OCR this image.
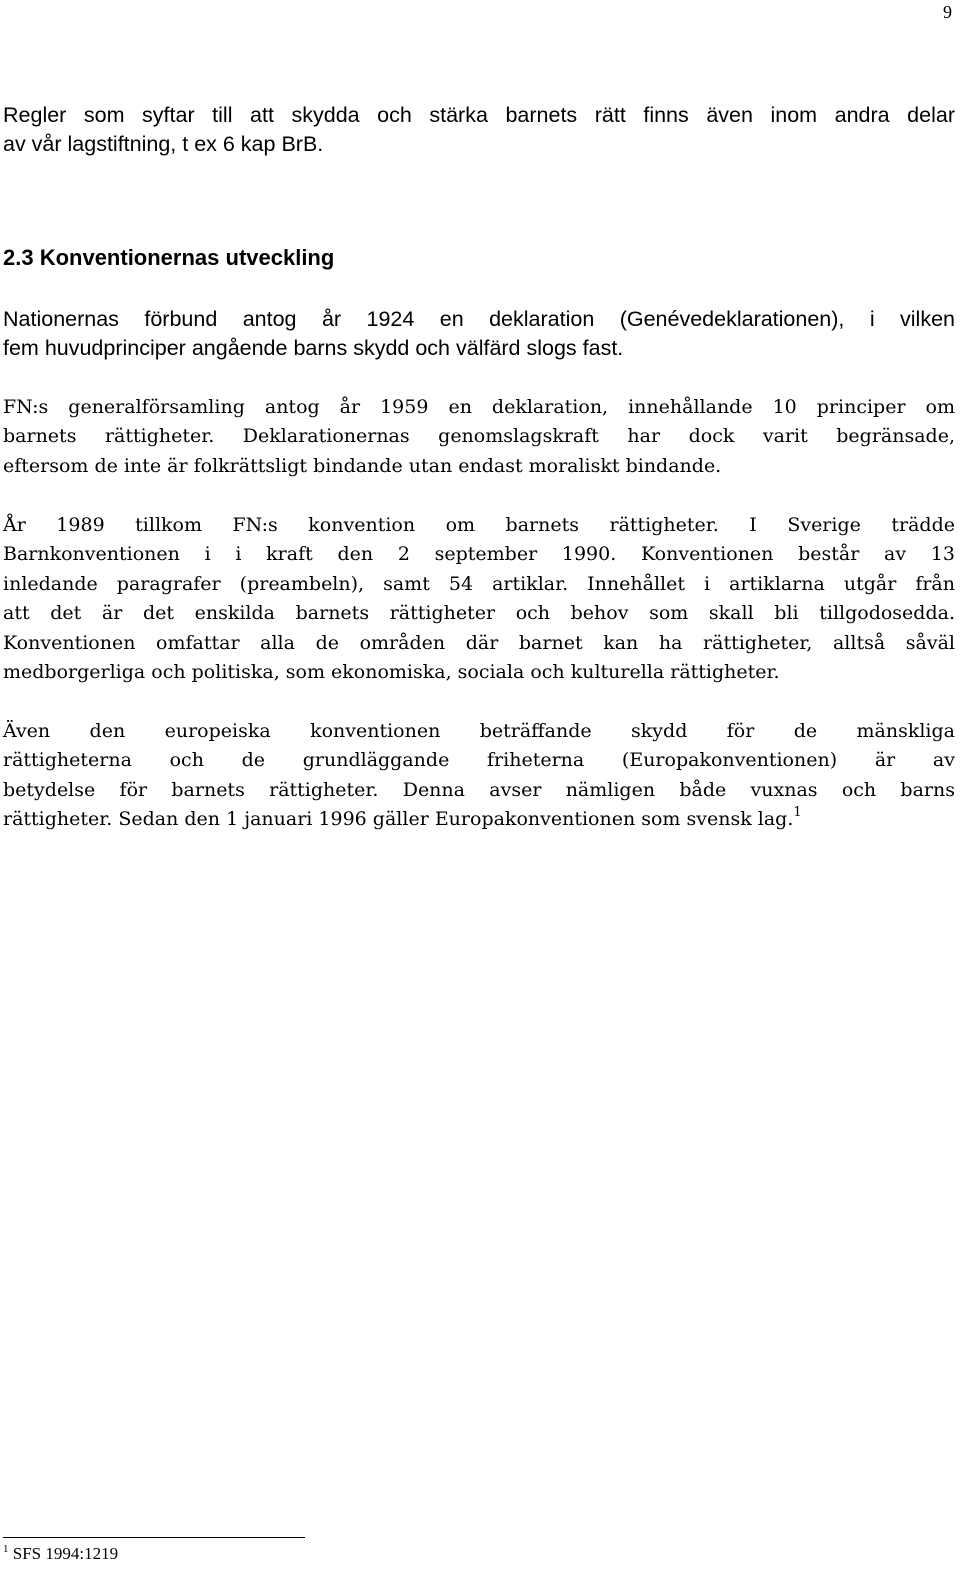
9
Regler som syftar till att skydda och stärka barnets rätt finns även inom andra delar
av vår lagstiftning, t ex 6 kap BrB.
2.3 Konventionernas utveckling
Nationernas förbund antog år 1924 en deklaration (Genévedeklarationen), i vilken
fem huvudprinciper angående barns skydd och välfärd slogs fast.
FN:s generalförsamling antog år 1959 en deklaration, innehållande 10 principer om
barnets rättigheter. Deklarationernas genomslagskraft har dock varit begränsade,
eftersom de inte är folkrättsligt bindande utan endast moraliskt bindande.
År 1989 tillkom FN:s konvention om barnets rättigheter. I Sverige trädde
Barnkonventionen i i kraft den 2 september 1990. Konventionen består av 13
inledande paragrafer (preambeln), samt 54 artiklar. Innehållet i artiklarna utgår från
att det är det enskilda barnets rättigheter och behov som skall bli tillgodosedda.
Konventionen omfattar alla de områden där barnet kan ha rättigheter, alltså såväl
medborgerliga och politiska, som ekonomiska, sociala och kulturella rättigheter.
Även den europeiska konventionen beträffande skydd för de mänskliga
rättigheterna och de grundläggande friheterna (Europakonventionen) är av
betydelse för barnets rättigheter. Denna avser nämligen både vuxnas och barns
rättigheter. Sedan den 1 januari 1996 gäller Europakonventionen som svensk lag.$^1$
$^1$ SFS 1994:1219
